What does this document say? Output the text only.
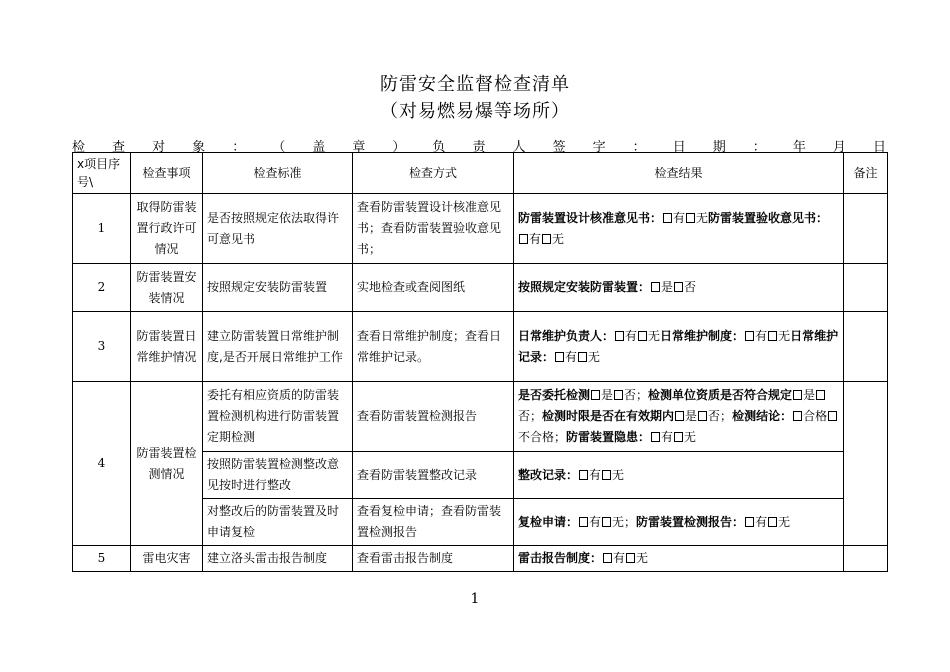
防雷安全监督检查清单
（对易燃易爆等场所）
检 查 对 象 ： （ 盖 章 ） 负 责 人 签 字 ： 日 期 ： 年 月 日
x项目序号\	检查事项	检查标准	检查方式	检查结果	备注
1	取得防雷装置行政许可情况	是否按照规定依法取得许可意见书	查看防雷装置设计核准意见书；查看防雷装置验收意见书；	防雷装置设计核准意见书： 有 无防雷装置验收意见书：有 无	
2	防雷装置安装情况	按照规定安装防雷装置	实地检查或查阅图纸	按照规定安装防雷装置： 是 否	
3	防雷装置日常维护情况	建立防雷装置日常维护制度,是否开展日常维护工作	查看日常维护制度；查看日常维护记录。	日常维护负责人： 有 无日常维护制度： 有 无日常维护记录： 有 无	
4	防雷装置检测情况	委托有相应资质的防雷装置检测机构进行防雷装置定期检测	查看防雷装置检测报告	是否委托检测 是 否；检测单位资质是否符合规定 是否；检测时限是否在有效期内 是 否；检测结论： 合格不合格；防雷装置隐患： 有 无	
		按照防雷装置检测整改意见按时进行整改	查看防雷装置整改记录	整改记录： 有 无	
		对整改后的防雷装置及时申请复检	查看复检申请；查看防雷装置检测报告	复检申请： 有 无；防雷装置检测报告： 有 无	
5	雷电灾害	建立洛头雷击报告制度	查看雷击报告制度	雷击报告制度： 有 无	
1
